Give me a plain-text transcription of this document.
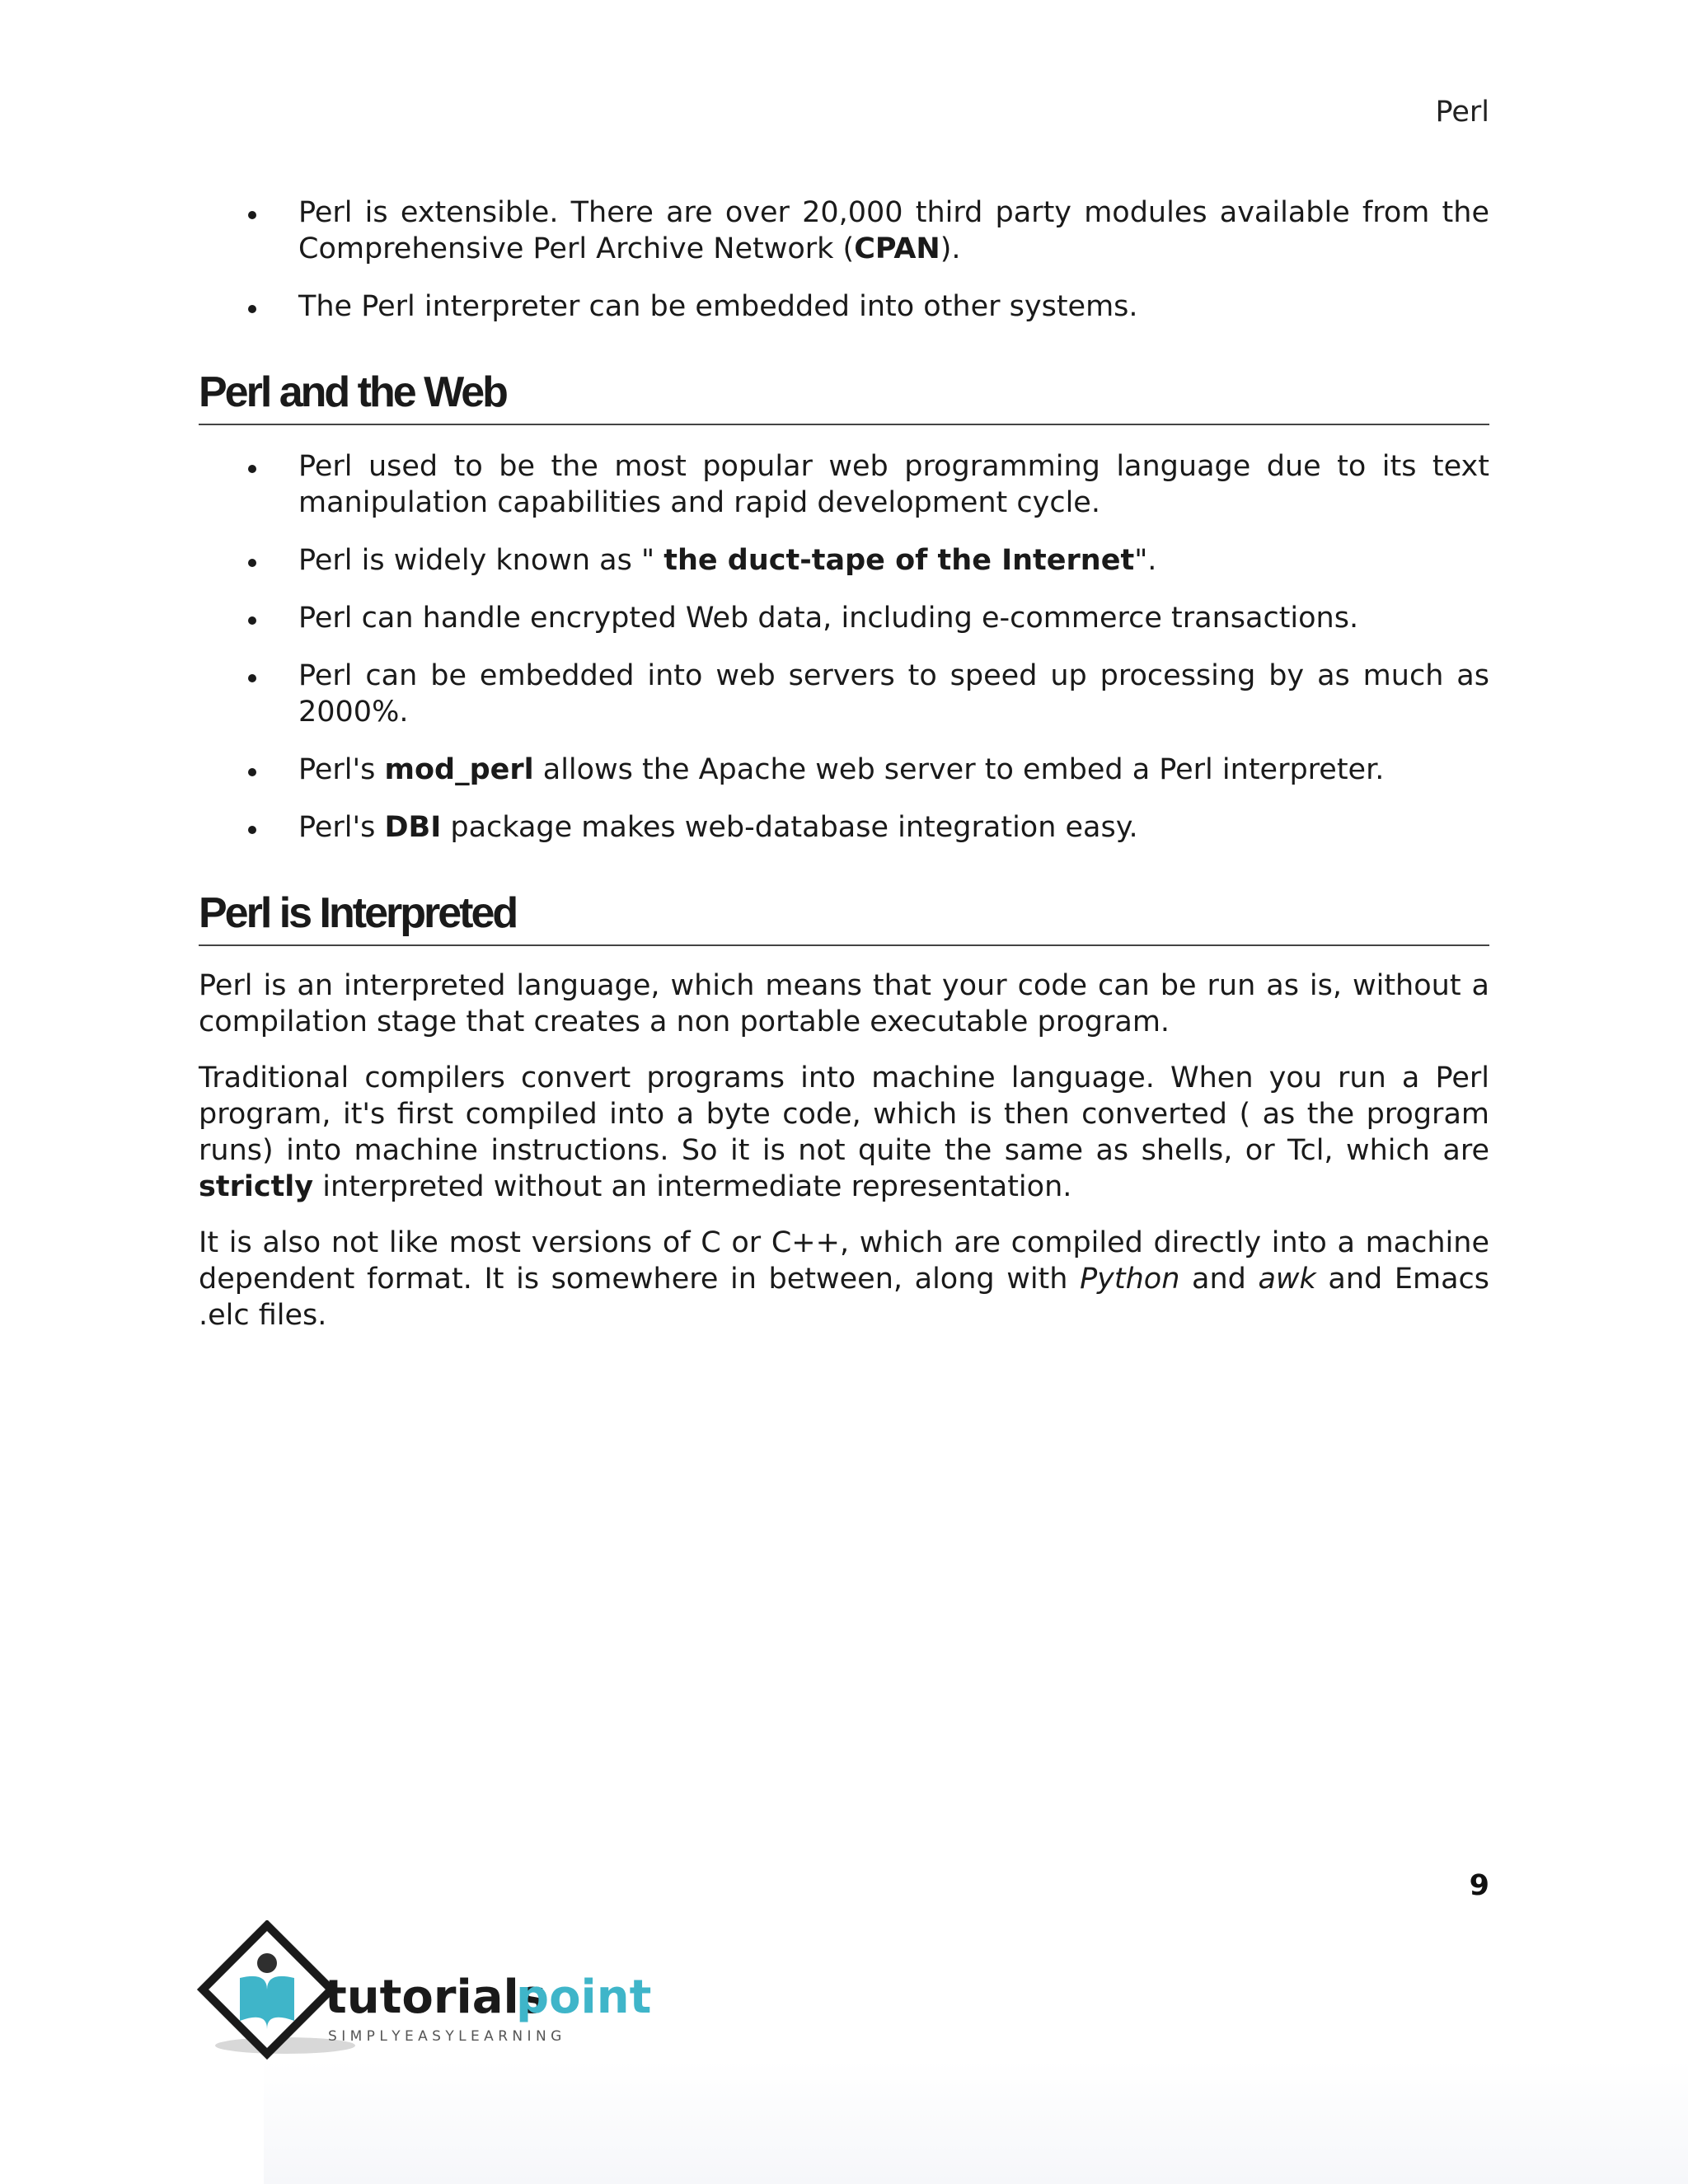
Perl
Perl is extensible. There are over 20,000 third party modules available from the Comprehensive Perl Archive Network (CPAN).
The Perl interpreter can be embedded into other systems.
Perl and the Web
Perl used to be the most popular web programming language due to its text manipulation capabilities and rapid development cycle.
Perl is widely known as " the duct-tape of the Internet".
Perl can handle encrypted Web data, including e-commerce transactions.
Perl can be embedded into web servers to speed up processing by as much as 2000%.
Perl's mod_perl allows the Apache web server to embed a Perl interpreter.
Perl's DBI package makes web-database integration easy.
Perl is Interpreted

Perl is an interpreted language, which means that your code can be run as is, without a compilation stage that creates a non portable executable program.

Traditional compilers convert programs into machine language. When you run a Perl program, it's first compiled into a byte code, which is then converted ( as the program runs) into machine instructions. So it is not quite the same as shells, or Tcl, which are strictly interpreted without an intermediate representation.

It is also not like most versions of C or C++, which are compiled directly into a machine dependent format. It is somewhere in between, along with Python and awk and Emacs .elc files.

9
tutorials
point
S I M P L Y E A S Y L E A R N I N G
